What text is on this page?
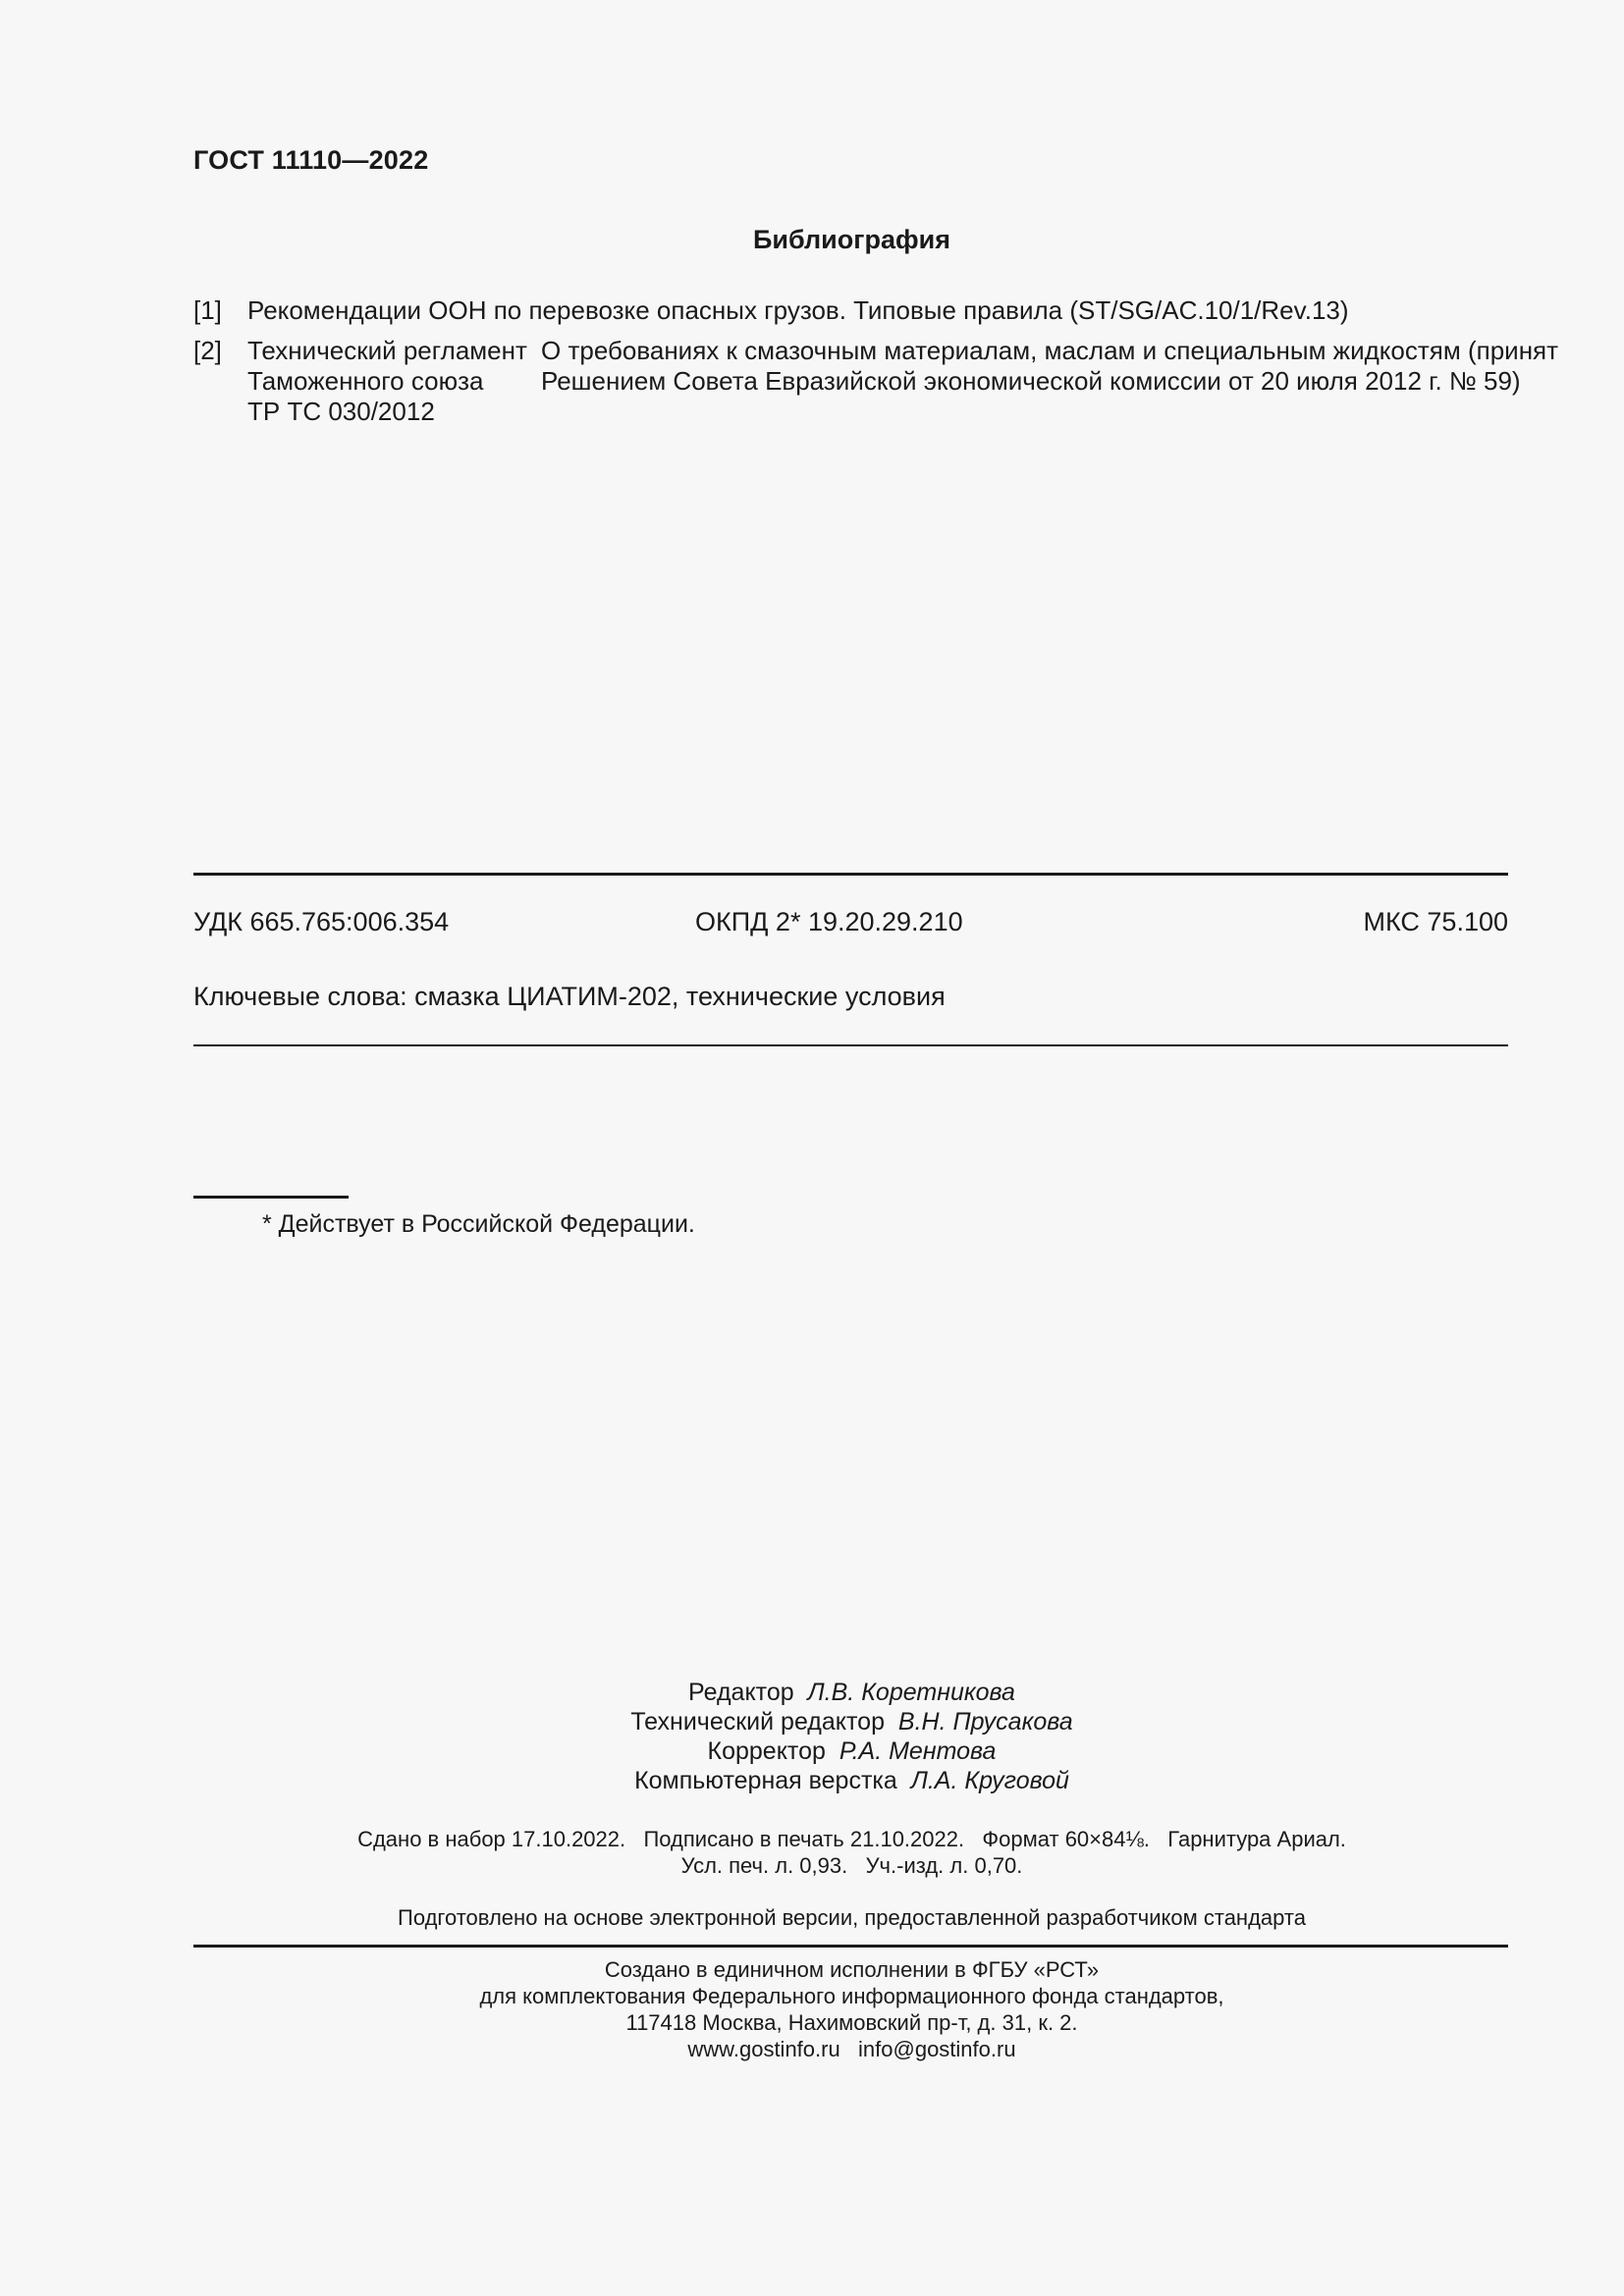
ГОСТ 11110—2022
Библиография
[1] Рекомендации ООН по перевозке опасных грузов. Типовые правила (ST/SG/AC.10/1/Rev.13)
[2] Технический регламент
Таможенного союза
ТР ТС 030/2012
О требованиях к смазочным материалам, маслам и специальным жидкостям (принят
Решением Совета Евразийской экономической комиссии от 20 июля 2012 г. № 59)
УДК 665.765:006.354	ОКПД 2* 19.20.29.210	МКС 75.100
Ключевые слова: смазка ЦИАТИМ-202, технические условия
* Действует в Российской Федерации.
Редактор Л.В. Коретникова
Технический редактор В.Н. Прусакова
Корректор Р.А. Ментова
Компьютерная верстка Л.А. Круговой
Сдано в набор 17.10.2022.   Подписано в печать 21.10.2022.   Формат 60×84⅛.   Гарнитура Ариал.
Усл. печ. л. 0,93.   Уч.-изд. л. 0,70.
Подготовлено на основе электронной версии, предоставленной разработчиком стандарта
Создано в единичном исполнении в ФГБУ «РСТ»
для комплектования Федерального информационного фонда стандартов,
117418 Москва, Нахимовский пр-т, д. 31, к. 2.
www.gostinfo.ru   info@gostinfo.ru
